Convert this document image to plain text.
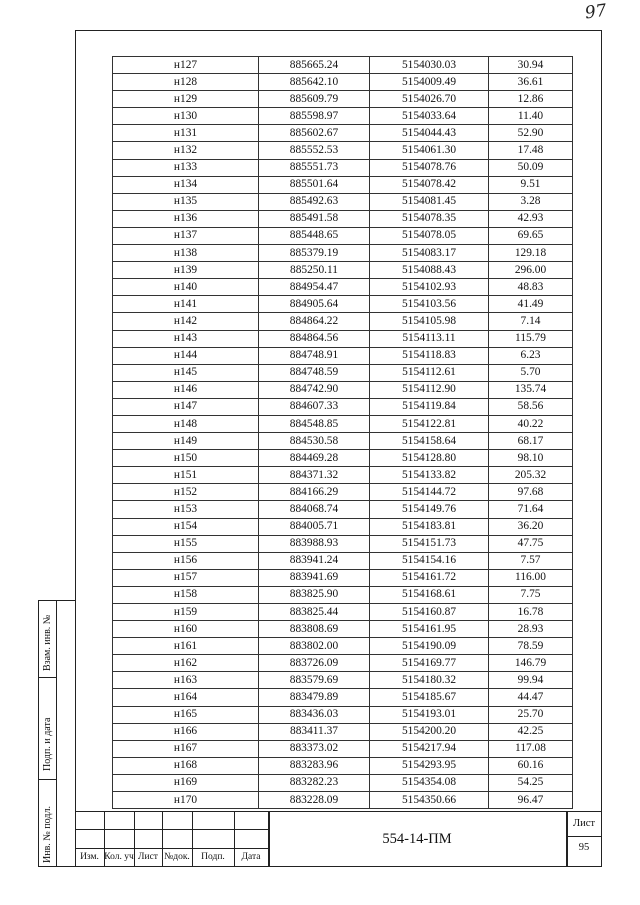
97
н127	885665.24	5154030.03	30.94
н128	885642.10	5154009.49	36.61
н129	885609.79	5154026.70	12.86
н130	885598.97	5154033.64	11.40
н131	885602.67	5154044.43	52.90
н132	885552.53	5154061.30	17.48
н133	885551.73	5154078.76	50.09
н134	885501.64	5154078.42	9.51
н135	885492.63	5154081.45	3.28
н136	885491.58	5154078.35	42.93
н137	885448.65	5154078.05	69.65
н138	885379.19	5154083.17	129.18
н139	885250.11	5154088.43	296.00
н140	884954.47	5154102.93	48.83
н141	884905.64	5154103.56	41.49
н142	884864.22	5154105.98	7.14
н143	884864.56	5154113.11	115.79
н144	884748.91	5154118.83	6.23
н145	884748.59	5154112.61	5.70
н146	884742.90	5154112.90	135.74
н147	884607.33	5154119.84	58.56
н148	884548.85	5154122.81	40.22
н149	884530.58	5154158.64	68.17
н150	884469.28	5154128.80	98.10
н151	884371.32	5154133.82	205.32
н152	884166.29	5154144.72	97.68
н153	884068.74	5154149.76	71.64
н154	884005.71	5154183.81	36.20
н155	883988.93	5154151.73	47.75
н156	883941.24	5154154.16	7.57
н157	883941.69	5154161.72	116.00
н158	883825.90	5154168.61	7.75
н159	883825.44	5154160.87	16.78
н160	883808.69	5154161.95	28.93
н161	883802.00	5154190.09	78.59
н162	883726.09	5154169.77	146.79
н163	883579.69	5154180.32	99.94
н164	883479.89	5154185.67	44.47
н165	883436.03	5154193.01	25.70
н166	883411.37	5154200.20	42.25
н167	883373.02	5154217.94	117.08
н168	883283.96	5154293.95	60.16
н169	883282.23	5154354.08	54.25
н170	883228.09	5154350.66	96.47
Взам. инв. №
Подп. и дата
Инв. № подл.	Изм. Кол. уч Лист №док.	Подп.	Дата
554-14-ПМ
Лист
95
